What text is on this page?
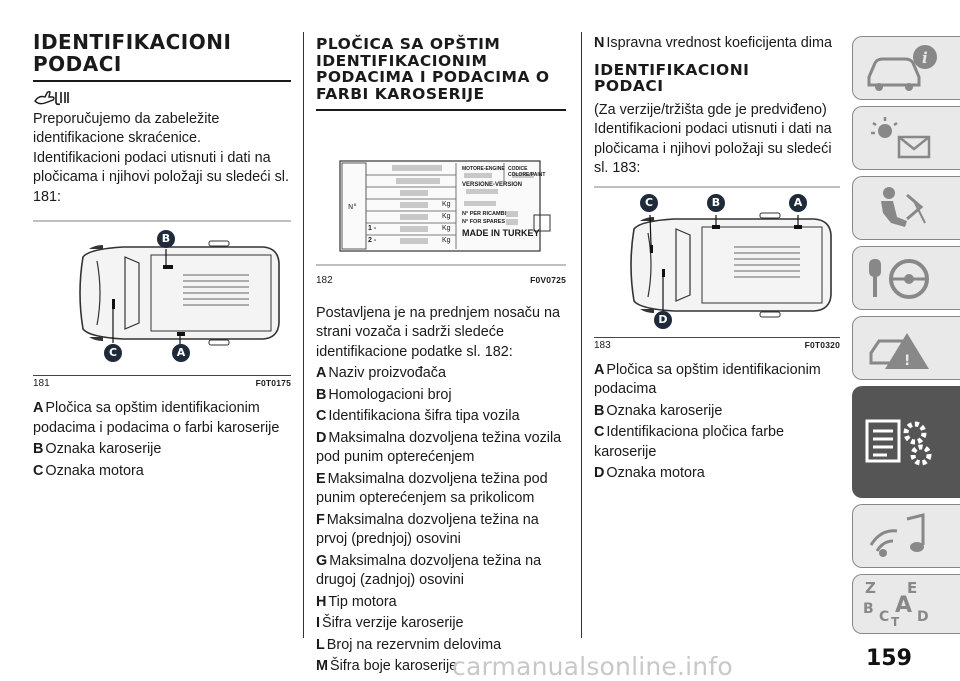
IDENTIFIKACIONI PODACI

Preporučujemo da zabeležite identifikacione skraćenice. Identifikacioni podaci utisnuti i dati na pločicama i njihovi položaji su sledeći sl. 181:

B
C	A
181	F0T0175

A Pločica sa opštim identifikacionim podacima i podacima o farbi karoserije

B Oznaka karoserije

C Oznaka motora

PLOČICA SA OPŠTIM IDENTIFIKACIONIM PODACIMA I PODACIMA O FARBI KAROSERIJE
N°
MOTORE-ENGINE CODICE COLORE/PAINT
VERSIONE-VERSION
N° PER RICAMBI
N° FOR SPARES
MADE IN TURKEY
Kg
Kg
Kg
Kg
1 -
2 -
182	F0V0725

Postavljena je na prednjem nosaču na strani vozača i sadrži sledeće identifikacione podatke sl. 182:

A Naziv proizvođača

B Homologacioni broj

C Identifikaciona šifra tipa vozila

D Maksimalna dozvoljena težina vozila pod punim opterećenjem

E Maksimalna dozvoljena težina pod punim opterećenjem sa prikolicom

F Maksimalna dozvoljena težina na prvoj (prednjoj) osovini

G Maksimalna dozvoljena težina na drugoj (zadnjoj) osovini

H Tip motora

I Šifra verzije karoserije

L Broj na rezervnim delovima

M Šifra boje karoserije

N Ispravna vrednost koeficijenta dima

IDENTIFIKACIONI PODACI

(Za verzije/tržišta gde je predviđeno) Identifikacioni podaci utisnuti i dati na pločicama i njihovi položaji su sledeći sl. 183:

C	B	A
D
183	F0T0320

A Pločica sa opštim identifikacionim podacima

B Oznaka karoserije

C Identifikaciona pločica farbe karoserije

D Oznaka motora

i
!
Z E
A
B C T D
159
carmanualsonline.info
